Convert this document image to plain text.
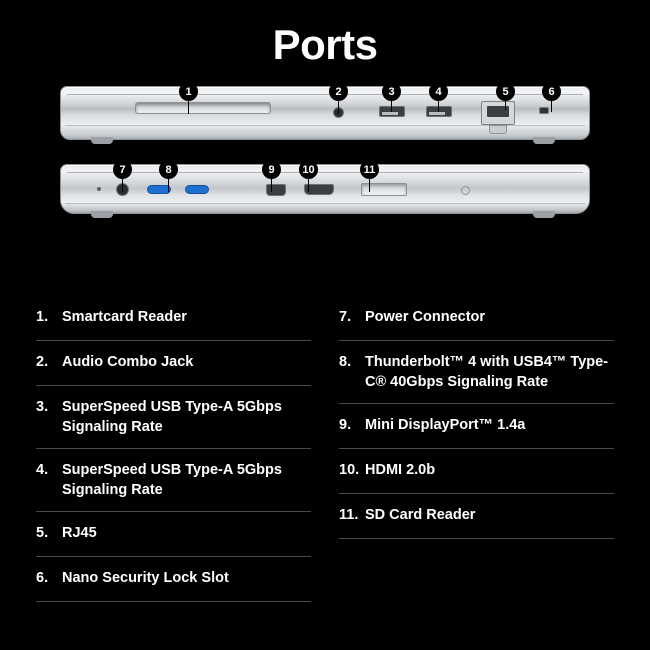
Ports
1	2	3	4	5	6
7	8	9	10	11
1. Smartcard Reader
2. Audio Combo Jack
3. SuperSpeed USB Type-A 5Gbps Signaling Rate
4. SuperSpeed USB Type-A 5Gbps Signaling Rate
5. RJ45
6. Nano Security Lock Slot
7. Power Connector
8. Thunderbolt™ 4 with USB4™ Type-C® 40Gbps Signaling Rate
9. Mini DisplayPort™ 1.4a
10. HDMI 2.0b
11. SD Card Reader
